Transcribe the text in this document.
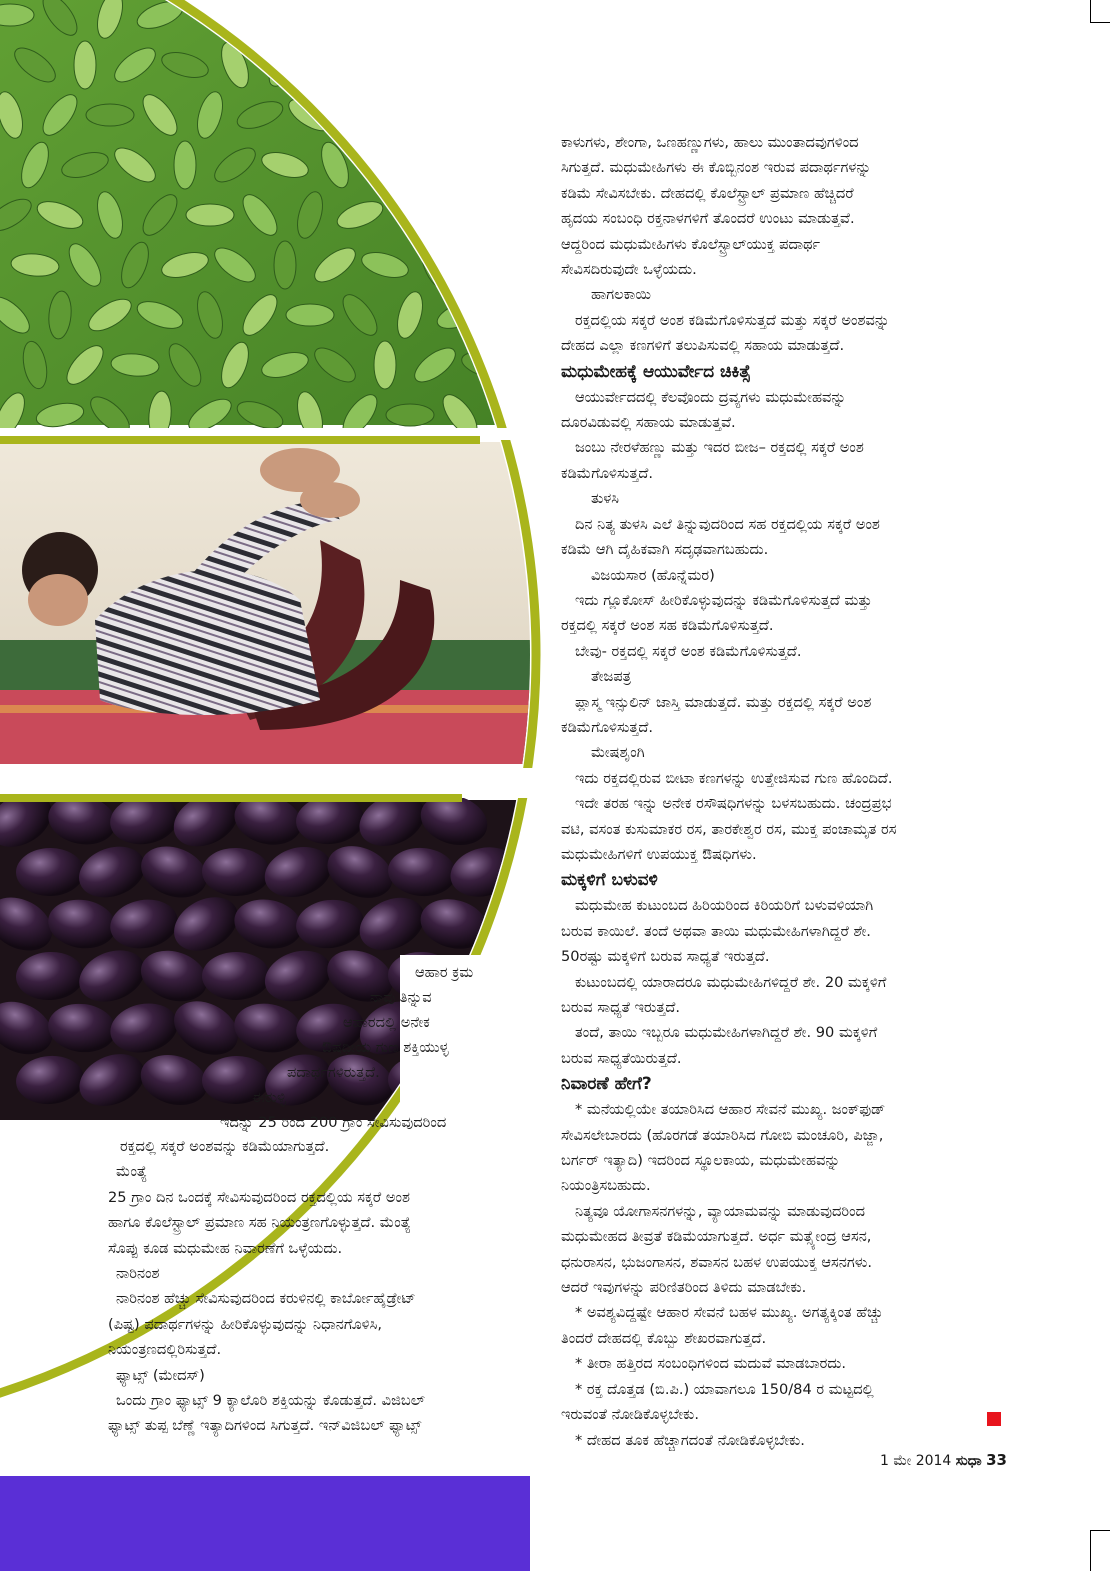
ಆಹಾರ ಕ್ರಮ

ನಾವು ತಿನ್ನುವ

ಆಹಾರದಲ್ಲಿ ಅನೇಕ

ಔಷಧೀಯ ಗುಣ ಶಕ್ತಿಯುಳ್ಳ

ಪದಾರ್ಥಗಳಿರುತ್ತದೆ.

ಈರುಳ್ಳಿ

ಇದನ್ನು 25 ರಿಂದ 200 ಗ್ರಾಂ ಸೇವಿಸುವುದರಿಂದ

ರಕ್ತದಲ್ಲಿ ಸಕ್ಕರೆ ಅಂಶವನ್ನು ಕಡಿಮೆಯಾಗುತ್ತದೆ.

ಮೆಂತ್ಯೆ

25 ಗ್ರಾಂ ದಿನ ಒಂದಕ್ಕೆ ಸೇವಿಸುವುದರಿಂದ ರಕ್ತದಲ್ಲಿಯ ಸಕ್ಕರೆ ಅಂಶ

ಹಾಗೂ ಕೊಲೆಸ್ಟ್ರಾಲ್ ಪ್ರಮಾಣ ಸಹ ನಿಯಂತ್ರಣಗೊಳ್ಳುತ್ತದೆ. ಮೆಂತ್ಯೆ

ಸೊಪ್ಪು ಕೂಡ ಮಧುಮೇಹ ನಿವಾರಣೆಗೆ ಒಳ್ಳೆಯದು.

ನಾರಿನಂಶ

ನಾರಿನಂಶ ಹೆಚ್ಚು ಸೇವಿಸುವುದರಿಂದ ಕರುಳಿನಲ್ಲಿ ಕಾರ್ಬೋಹೈಡ್ರೇಟ್

(ಪಿಷ್ಟ) ಪದಾರ್ಥಗಳನ್ನು ಹೀರಿಕೊಳ್ಳುವುದನ್ನು ನಿಧಾನಗೊಳಿಸಿ,

ನಿಯಂತ್ರಣದಲ್ಲಿರಿಸುತ್ತದೆ.

ಫ್ಯಾಟ್ಸ್ (ಮೇದಸ್)

ಒಂದು ಗ್ರಾಂ ಫ್ಯಾಟ್ಸ್ 9 ಕ್ಯಾಲೊರಿ ಶಕ್ತಿಯನ್ನು ಕೊಡುತ್ತದೆ. ವಿಜಿಬಲ್

ಫ್ಯಾಟ್ಸ್ ತುಪ್ಪ ಬೆಣ್ಣೆ ಇತ್ಯಾದಿಗಳಿಂದ ಸಿಗುತ್ತದೆ. ಇನ್‌ವಿಜಿಬಲ್ ಫ್ಯಾಟ್ಸ್

ಕಾಳುಗಳು, ಶೇಂಗಾ, ಒಣಹಣ್ಣುಗಳು, ಹಾಲು ಮುಂತಾದವುಗಳಿಂದ

ಸಿಗುತ್ತದೆ. ಮಧುಮೇಹಿಗಳು ಈ ಕೊಬ್ಬಿನಂಶ ಇರುವ ಪದಾರ್ಥಗಳನ್ನು

ಕಡಿಮೆ ಸೇವಿಸಬೇಕು. ದೇಹದಲ್ಲಿ ಕೊಲೆಸ್ಟ್ರಾಲ್ ಪ್ರಮಾಣ ಹೆಚ್ಚಿದರೆ

ಹೃದಯ ಸಂಬಂಧಿ ರಕ್ತನಾಳಗಳಿಗೆ ತೊಂದರೆ ಉಂಟು ಮಾಡುತ್ತವೆ.

ಆದ್ದರಿಂದ ಮಧುಮೇಹಿಗಳು ಕೊಲೆಸ್ಟ್ರಾಲ್‌ಯುಕ್ತ ಪದಾರ್ಥ

ಸೇವಿಸದಿರುವುದೇ ಒಳ್ಳೆಯದು.

ಹಾಗಲಕಾಯಿ

ರಕ್ತದಲ್ಲಿಯ ಸಕ್ಕರೆ ಅಂಶ ಕಡಿಮೆಗೊಳಿಸುತ್ತದೆ ಮತ್ತು ಸಕ್ಕರೆ ಅಂಶವನ್ನು

ದೇಹದ ಎಲ್ಲಾ ಕಣಗಳಿಗೆ ತಲುಪಿಸುವಲ್ಲಿ ಸಹಾಯ ಮಾಡುತ್ತದೆ.

ಮಧುಮೇಹಕ್ಕೆ ಆಯುರ್ವೇದ ಚಿಕಿತ್ಸೆ

ಆಯುರ್ವೇದದಲ್ಲಿ ಕೆಲವೊಂದು ದ್ರವ್ಯಗಳು ಮಧುಮೇಹವನ್ನು

ದೂರವಿಡುವಲ್ಲಿ ಸಹಾಯ ಮಾಡುತ್ತವೆ.

ಜಂಬು ನೇರಳೆಹಣ್ಣು ಮತ್ತು ಇದರ ಬೀಜ– ರಕ್ತದಲ್ಲಿ ಸಕ್ಕರೆ ಅಂಶ

ಕಡಿಮೆಗೊಳಿಸುತ್ತದೆ.

ತುಳಸಿ

ದಿನ ನಿತ್ಯ ತುಳಸಿ ಎಲೆ ತಿನ್ನುವುದರಿಂದ ಸಹ ರಕ್ತದಲ್ಲಿಯ ಸಕ್ಕರೆ ಅಂಶ

ಕಡಿಮೆ ಆಗಿ ದೈಹಿಕವಾಗಿ ಸದೃಢವಾಗಬಹುದು.

ವಿಜಯಸಾರ (ಹೊನ್ನೆಮರ)

ಇದು ಗ್ಲೂಕೋಸ್ ಹೀರಿಕೊಳ್ಳುವುದನ್ನು ಕಡಿಮೆಗೊಳಿಸುತ್ತದೆ ಮತ್ತು

ರಕ್ತದಲ್ಲಿ ಸಕ್ಕರೆ ಅಂಶ ಸಹ ಕಡಿಮೆಗೊಳಿಸುತ್ತದೆ.

ಬೇವು- ರಕ್ತದಲ್ಲಿ ಸಕ್ಕರೆ ಅಂಶ ಕಡಿಮೆಗೊಳಿಸುತ್ತದೆ.

ತೇಜಪತ್ರ

ಪ್ಲಾಸ್ಮ ಇನ್ಸುಲಿನ್ ಜಾಸ್ತಿ ಮಾಡುತ್ತದೆ. ಮತ್ತು ರಕ್ತದಲ್ಲಿ ಸಕ್ಕರೆ ಅಂಶ

ಕಡಿಮೆಗೊಳಿಸುತ್ತದೆ.

ಮೇಷಶೃಂಗಿ

ಇದು ರಕ್ತದಲ್ಲಿರುವ ಬೀಟಾ ಕಣಗಳನ್ನು ಉತ್ತೇಜಿಸುವ ಗುಣ ಹೊಂದಿದೆ.

ಇದೇ ತರಹ ಇನ್ನು ಅನೇಕ ರಸೌಷಧಿಗಳನ್ನು ಬಳಸಬಹುದು. ಚಂದ್ರಪ್ರಭ

ವಟಿ, ವಸಂತ ಕುಸುಮಾಕರ ರಸ, ತಾರಕೇಶ್ವರ ರಸ, ಮುಕ್ತ ಪಂಚಾಮೃತ ರಸ

ಮಧುಮೇಹಿಗಳಿಗೆ ಉಪಯುಕ್ತ ಔಷಧಿಗಳು.

ಮಕ್ಕಳಿಗೆ ಬಳುವಳಿ

ಮಧುಮೇಹ ಕುಟುಂಬದ ಹಿರಿಯರಿಂದ ಕಿರಿಯರಿಗೆ ಬಳುವಳಿಯಾಗಿ

ಬರುವ ಕಾಯಿಲೆ. ತಂದೆ ಅಥವಾ ತಾಯಿ ಮಧುಮೇಹಿಗಳಾಗಿದ್ದರೆ ಶೇ.

50ರಷ್ಟು ಮಕ್ಕಳಿಗೆ ಬರುವ ಸಾಧ್ಯತೆ ಇರುತ್ತದೆ.

ಕುಟುಂಬದಲ್ಲಿ ಯಾರಾದರೂ ಮಧುಮೇಹಿಗಳಿದ್ದರೆ ಶೇ. 20 ಮಕ್ಕಳಿಗೆ

ಬರುವ ಸಾಧ್ಯತೆ ಇರುತ್ತದೆ.

ತಂದೆ, ತಾಯಿ ಇಬ್ಬರೂ ಮಧುಮೇಹಿಗಳಾಗಿದ್ದರೆ ಶೇ. 90 ಮಕ್ಕಳಿಗೆ

ಬರುವ ಸಾಧ್ಯತೆಯಿರುತ್ತದೆ.

ನಿವಾರಣೆ ಹೇಗೆ?

* ಮನೆಯಲ್ಲಿಯೇ ತಯಾರಿಸಿದ ಆಹಾರ ಸೇವನೆ ಮುಖ್ಯ. ಜಂಕ್‌ಫುಡ್

ಸೇವಿಸಲೇಬಾರದು (ಹೊರಗಡೆ ತಯಾರಿಸಿದ ಗೋಬಿ ಮಂಚೂರಿ, ಪಿಜ್ಜಾ,

ಬರ್ಗರ್ ಇತ್ಯಾದಿ) ಇದರಿಂದ ಸ್ಥೂಲಕಾಯ, ಮಧುಮೇಹವನ್ನು

ನಿಯಂತ್ರಿಸಬಹುದು.

ನಿತ್ಯವೂ ಯೋಗಾಸನಗಳನ್ನು, ವ್ಯಾಯಾಮವನ್ನು ಮಾಡುವುದರಿಂದ

ಮಧುಮೇಹದ ತೀವ್ರತೆ ಕಡಿಮೆಯಾಗುತ್ತದೆ. ಅರ್ಧ ಮತ್ಸ್ಯೇಂದ್ರ ಆಸನ,

ಧನುರಾಸನ, ಭುಜಂಗಾಸನ, ಶವಾಸನ ಬಹಳ ಉಪಯುಕ್ತ ಆಸನಗಳು.

ಆದರೆ ಇವುಗಳನ್ನು ಪರಿಣಿತರಿಂದ ತಿಳಿದು ಮಾಡಬೇಕು.

* ಅವಶ್ಯವಿದ್ದಷ್ಟೇ ಆಹಾರ ಸೇವನೆ ಬಹಳ ಮುಖ್ಯ. ಅಗತ್ಯಕ್ಕಿಂತ ಹೆಚ್ಚು

ತಿಂದರೆ ದೇಹದಲ್ಲಿ ಕೊಬ್ಬು ಶೇಖರವಾಗುತ್ತದೆ.

* ತೀರಾ ಹತ್ತಿರದ ಸಂಬಂಧಿಗಳಿಂದ ಮದುವೆ ಮಾಡಬಾರದು.

* ರಕ್ತ ದೊತ್ತಡ (ಬಿ.ಪಿ.) ಯಾವಾಗಲೂ 150/84 ರ ಮಟ್ಟದಲ್ಲಿ

ಇರುವಂತೆ ನೋಡಿಕೊಳ್ಳಬೇಕು.

* ದೇಹದ ತೂಕ ಹೆಚ್ಚಾಗದಂತೆ ನೋಡಿಕೊಳ್ಳಬೇಕು.

1 ಮೇ 2014 ಸುಧಾ 33
